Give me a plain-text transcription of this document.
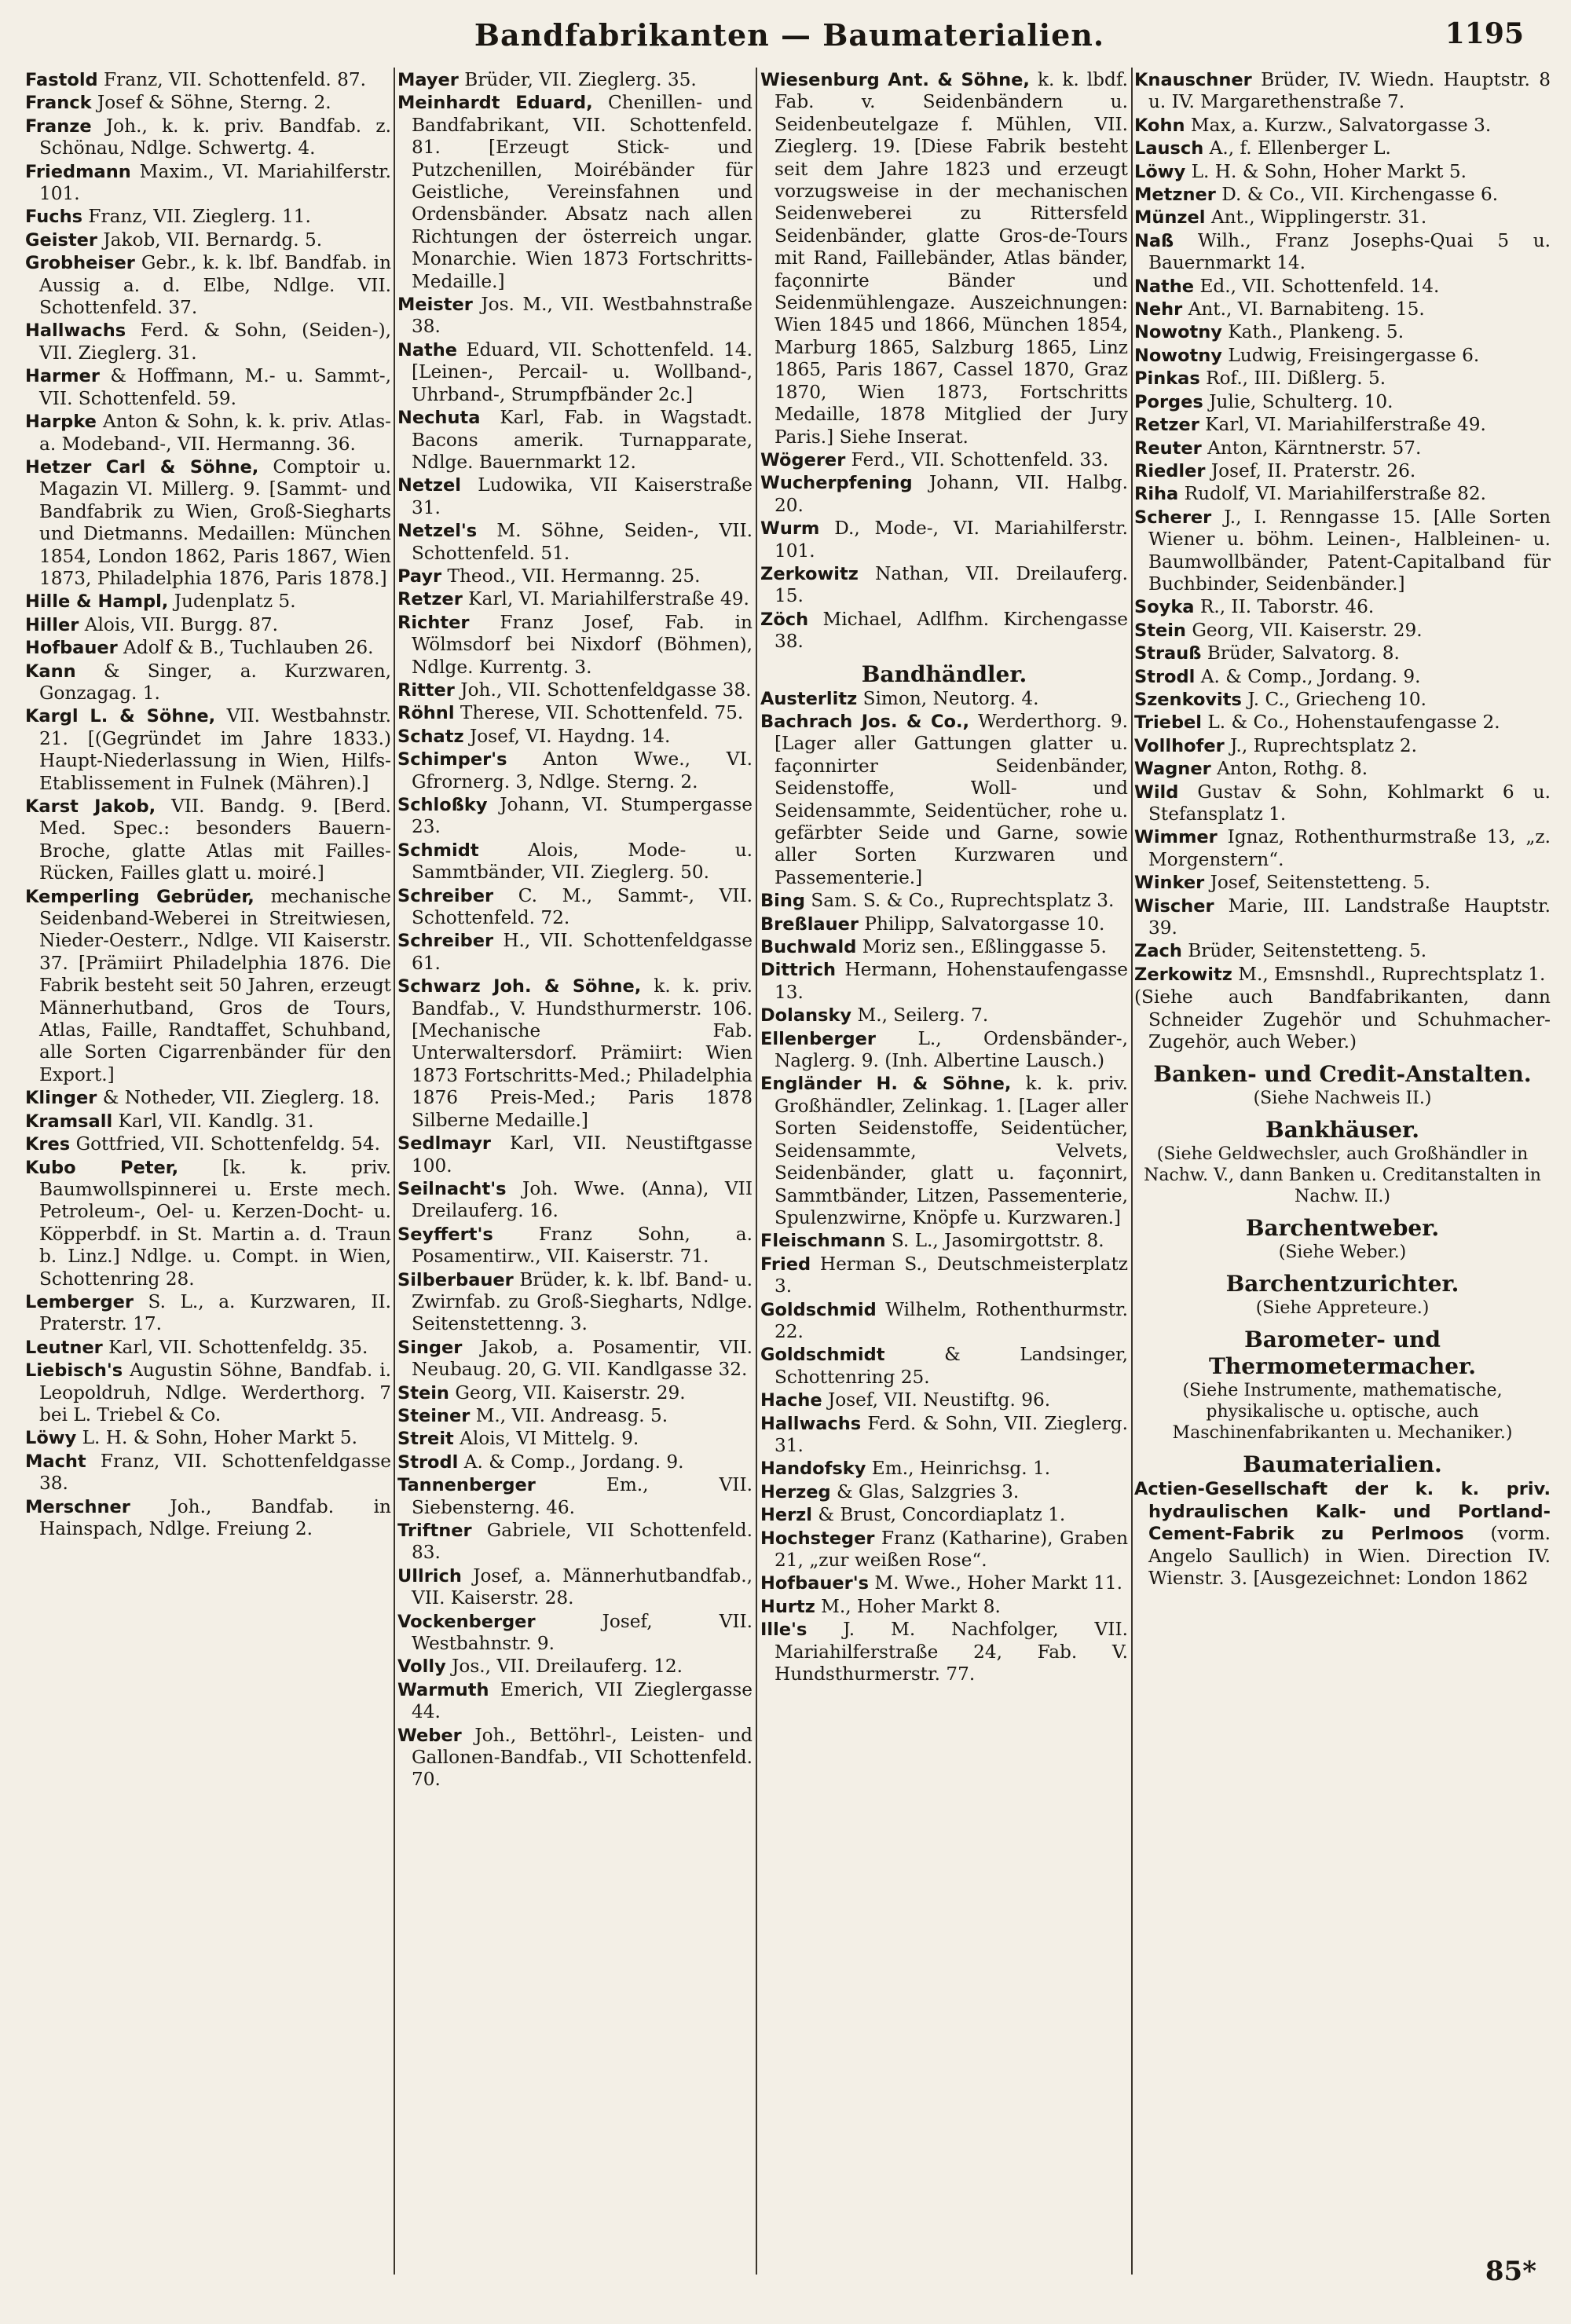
Bandfabrikanten — Baumaterialien.	1195
Fastold Franz, VII. Schottenfeld. 87.
Franck Josef & Söhne, Sterng. 2.
Franze Joh., k. k. priv. Bandfab. z. Schönau, Ndlge. Schwertg. 4.
Friedmann Maxim., VI. Mariahilferstr. 101.
Fuchs Franz, VII. Zieglerg. 11.
Geister Jakob, VII. Bernardg. 5.
Grobheiser Gebr., k. k. lbf. Bandfab. in Aussig a. d. Elbe, Ndlge. VII. Schottenfeld. 37.
Hallwachs Ferd. & Sohn, (Seiden-), VII. Zieglerg. 31.
Harmer & Hoffmann, M.- u. Sammt-, VII. Schottenfeld. 59.
Harpke Anton & Sohn, k. k. priv. Atlas- a. Modeband-, VII. Hermanng. 36.
Hetzer Carl & Söhne, Comptoir u. Magazin VI. Millerg. 9. [Sammt- und Bandfabrik zu Wien, Groß-Siegharts und Dietmanns. Medaillen: München 1854, London 1862, Paris 1867, Wien 1873, Philadelphia 1876, Paris 1878.]
Hille & Hampl, Judenplatz 5.
Hiller Alois, VII. Burgg. 87.
Hofbauer Adolf & B., Tuchlauben 26.
Kann & Singer, a. Kurzwaren, Gonzagag. 1.
Kargl L. & Söhne, VII. Westbahnstr. 21. [(Gegründet im Jahre 1833.) Haupt-Niederlassung in Wien, Hilfs-Etablissement in Fulnek (Mähren).]
Karst Jakob, VII. Bandg. 9. [Berd. Med. Spec.: besonders Bauern-Broche, glatte Atlas mit Failles-Rücken, Failles glatt u. moiré.]
Kemperling Gebrüder, mechanische Seidenband-Weberei in Streitwiesen, Nieder-Oesterr., Ndlge. VII Kaiserstr. 37. [Prämiirt Philadelphia 1876. Die Fabrik besteht seit 50 Jahren, erzeugt Männerhutband, Gros de Tours, Atlas, Faille, Randtaffet, Schuhband, alle Sorten Cigarrenbänder für den Export.]
Klinger & Notheder, VII. Zieglerg. 18.
Kramsall Karl, VII. Kandlg. 31.
Kres Gottfried, VII. Schottenfeldg. 54.
Kubo Peter, [k. k. priv. Baumwollspinnerei u. Erste mech. Petroleum-, Oel- u. Kerzen-Docht- u. Köpperbdf. in St. Martin a. d. Traun b. Linz.] Ndlge. u. Compt. in Wien, Schottenring 28.
Lemberger S. L., a. Kurzwaren, II. Praterstr. 17.
Leutner Karl, VII. Schottenfeldg. 35.
Liebisch's Augustin Söhne, Bandfab. i. Leopoldruh, Ndlge. Werderthorg. 7 bei L. Triebel & Co.
Löwy L. H. & Sohn, Hoher Markt 5.
Macht Franz, VII. Schottenfeldgasse 38.
Merschner Joh., Bandfab. in Hainspach, Ndlge. Freiung 2.
Mayer Brüder, VII. Zieglerg. 35.
Meinhardt Eduard, Chenillen- und Bandfabrikant, VII. Schottenfeld. 81. [Erzeugt Stick- und Putzchenillen, Moirébänder für Geistliche, Vereinsfahnen und Ordensbänder. Absatz nach allen Richtungen der österreich ungar. Monarchie. Wien 1873 Fortschritts-Medaille.]
Meister Jos. M., VII. Westbahnstraße 38.
Nathe Eduard, VII. Schottenfeld. 14. [Leinen-, Percail- u. Wollband-, Uhrband-, Strumpfbänder 2c.]
Nechuta Karl, Fab. in Wagstadt. Bacons amerik. Turnapparate, Ndlge. Bauernmarkt 12.
Netzel Ludowika, VII Kaiserstraße 31.
Netzel's M. Söhne, Seiden-, VII. Schottenfeld. 51.
Payr Theod., VII. Hermanng. 25.
Retzer Karl, VI. Mariahilferstraße 49.
Richter Franz Josef, Fab. in Wölmsdorf bei Nixdorf (Böhmen), Ndlge. Kurrentg. 3.
Ritter Joh., VII. Schottenfeldgasse 38.
Röhnl Therese, VII. Schottenfeld. 75.
Schatz Josef, VI. Haydng. 14.
Schimper's Anton Wwe., VI. Gfrornerg. 3, Ndlge. Sterng. 2.
Schloßky Johann, VI. Stumpergasse 23.
Schmidt	Alois, Mode- u. Sammtbänder, VII. Zieglerg. 50.
Schreiber C. M., Sammt-, VII. Schottenfeld. 72.
Schreiber H., VII. Schottenfeldgasse 61.
Schwarz Joh. & Söhne, k. k. priv. Bandfab., V. Hundsthurmerstr. 106. [Mechanische Fab. Unterwaltersdorf. Prämiirt: Wien 1873 Fortschritts-Med.; Philadelphia 1876 Preis-Med.; Paris 1878 Silberne Medaille.]
Sedlmayr Karl, VII. Neustiftgasse 100.
Seilnacht's Joh. Wwe. (Anna), VII Dreilauferg. 16.
Seyffert's Franz Sohn, a. Posamentirw., VII. Kaiserstr. 71.
Silberbauer Brüder, k. k. lbf. Band- u. Zwirnfab. zu Groß-Siegharts, Ndlge. Seitenstettenng. 3.
Singer Jakob, a. Posamentir, VII. Neubaug. 20, G. VII. Kandlgasse 32.
Stein Georg, VII. Kaiserstr. 29.
Steiner M., VII. Andreasg. 5.
Streit Alois, VI Mittelg. 9.
Strodl A. & Comp., Jordang. 9.
Tannenberger	Em., VII. Siebensterng. 46.
Triftner Gabriele, VII Schottenfeld. 83.
Ullrich Josef, a. Männerhutbandfab., VII. Kaiserstr. 28.
Vockenberger	Josef, VII. Westbahnstr. 9.
Volly Jos., VII. Dreilauferg. 12.
Warmuth Emerich, VII Zieglergasse 44.
Weber Joh., Bettöhrl-, Leisten- und Gallonen-Bandfab., VII Schottenfeld. 70.
Wiesenburg Ant. & Söhne, k. k. lbdf. Fab. v. Seidenbändern u. Seidenbeutelgaze f. Mühlen, VII. Zieglerg. 19. [Diese Fabrik besteht seit dem Jahre 1823 und erzeugt vorzugsweise in der mechanischen Seidenweberei zu Rittersfeld Seidenbänder, glatte Gros-de-Tours mit Rand, Faillebänder, Atlas bänder, façonnirte Bänder und Seidenmühlengaze. Auszeichnungen: Wien 1845 und 1866, München 1854, Marburg 1865, Salzburg 1865, Linz 1865, Paris 1867, Cassel 1870, Graz 1870, Wien 1873, Fortschritts Medaille, 1878 Mitglied der Jury Paris.] Siehe Inserat.
Wögerer Ferd., VII. Schottenfeld. 33.
Wucherpfening Johann, VII. Halbg. 20.
Wurm D., Mode-, VI. Mariahilferstr. 101.
Zerkowitz Nathan, VII. Dreilauferg. 15.
Zöch Michael, Adlfhm. Kirchengasse 38.
Bandhändler.
Austerlitz Simon, Neutorg. 4.
Bachrach Jos. & Co., Werderthorg. 9. [Lager aller Gattungen glatter u. façonnirter Seidenbänder, Seidenstoffe, Woll- und Seidensammte, Seidentücher, rohe u. gefärbter Seide und Garne, sowie aller Sorten Kurzwaren und Passementerie.]
Bing Sam. S. & Co., Ruprechtsplatz 3.
Breßlauer Philipp, Salvatorgasse 10.
Buchwald Moriz sen., Eßlinggasse 5.
Dittrich Hermann, Hohenstaufengasse 13.
Dolansky M., Seilerg. 7.
Ellenberger L., Ordensbänder-, Naglerg. 9. (Inh. Albertine Lausch.)
Engländer H. & Söhne, k. k. priv. Großhändler, Zelinkag. 1. [Lager aller Sorten Seidenstoffe, Seidentücher, Seidensammte, Velvets, Seidenbänder, glatt u. façonnirt, Sammtbänder, Litzen, Passementerie, Spulenzwirne, Knöpfe u. Kurzwaren.]
Fleischmann S. L., Jasomirgottstr. 8.
Fried Herman S., Deutschmeisterplatz 3.
Goldschmid Wilhelm, Rothenthurmstr. 22.
Goldschmidt	& Landsinger, Schottenring 25.
Hache Josef, VII. Neustiftg. 96.
Hallwachs Ferd. & Sohn, VII. Zieglerg. 31.
Handofsky Em., Heinrichsg. 1.
Herzeg & Glas, Salzgries 3.
Herzl & Brust, Concordiaplatz 1.
Hochsteger Franz (Katharine), Graben 21, „zur weißen Rose“.
Hofbauer's M. Wwe., Hoher Markt 11.
Hurtz M., Hoher Markt 8.
Ille's J. M. Nachfolger, VII. Mariahilferstraße 24, Fab. V. Hundsthurmerstr. 77.
Knauschner Brüder, IV. Wiedn. Hauptstr. 8 u. IV. Margarethenstraße 7.
Kohn Max, a. Kurzw., Salvatorgasse 3.
Lausch A., f. Ellenberger L.
Löwy L. H. & Sohn, Hoher Markt 5.
Metzner D. & Co., VII. Kirchengasse 6.
Münzel Ant., Wipplingerstr. 31.
Naß Wilh., Franz Josephs-Quai 5 u. Bauernmarkt 14.
Nathe Ed., VII. Schottenfeld. 14.
Nehr Ant., VI. Barnabiteng. 15.
Nowotny Kath., Plankeng. 5.
Nowotny Ludwig, Freisingergasse 6.
Pinkas Rof., III. Dißlerg. 5.
Porges Julie, Schulterg. 10.
Retzer Karl, VI. Mariahilferstraße 49.
Reuter Anton, Kärntnerstr. 57.
Riedler Josef, II. Praterstr. 26.
Riha Rudolf, VI. Mariahilferstraße 82.
Scherer J., I. Renngasse 15. [Alle Sorten Wiener u. böhm. Leinen-, Halbleinen- u. Baumwollbänder, Patent-Capitalband für Buchbinder, Seidenbänder.]
Soyka R., II. Taborstr. 46.
Stein Georg, VII. Kaiserstr. 29.
Strauß Brüder, Salvatorg. 8.
Strodl A. & Comp., Jordang. 9.
Szenkovits J. C., Griecheng 10.
Triebel L. & Co., Hohenstaufengasse 2.
Vollhofer J., Ruprechtsplatz 2.
Wagner Anton, Rothg. 8.
Wild Gustav & Sohn, Kohlmarkt 6 u. Stefansplatz 1.
Wimmer Ignaz, Rothenthurmstraße 13, „z. Morgenstern“.
Winker Josef, Seitenstetteng. 5.
Wischer Marie, III. Landstraße Hauptstr. 39.
Zach Brüder, Seitenstetteng. 5.
Zerkowitz M., Emsnshdl., Ruprechtsplatz 1.
(Siehe auch Bandfabrikanten, dann Schneider Zugehör und Schuhmacher-Zugehör, auch Weber.)
Banken- und Credit-Anstalten.
(Siehe Nachweis II.)
Bankhäuser.
(Siehe Geldwechsler, auch Großhändler in Nachw. V., dann Banken u. Creditanstalten in Nachw. II.)
Barchentweber.
(Siehe Weber.)
Barchentzurichter.
(Siehe Appreteure.)
Barometer- und Thermometermacher.
(Siehe Instrumente, mathematische, physikalische u. optische, auch Maschinenfabrikanten u. Mechaniker.)
Baumaterialien.
Actien-Gesellschaft der k. k. priv. hydraulischen Kalk- und Portland-Cement-Fabrik zu Perlmoos (vorm. Angelo Saullich) in Wien. Direction IV. Wienstr. 3. [Ausgezeichnet: London 1862
85*
